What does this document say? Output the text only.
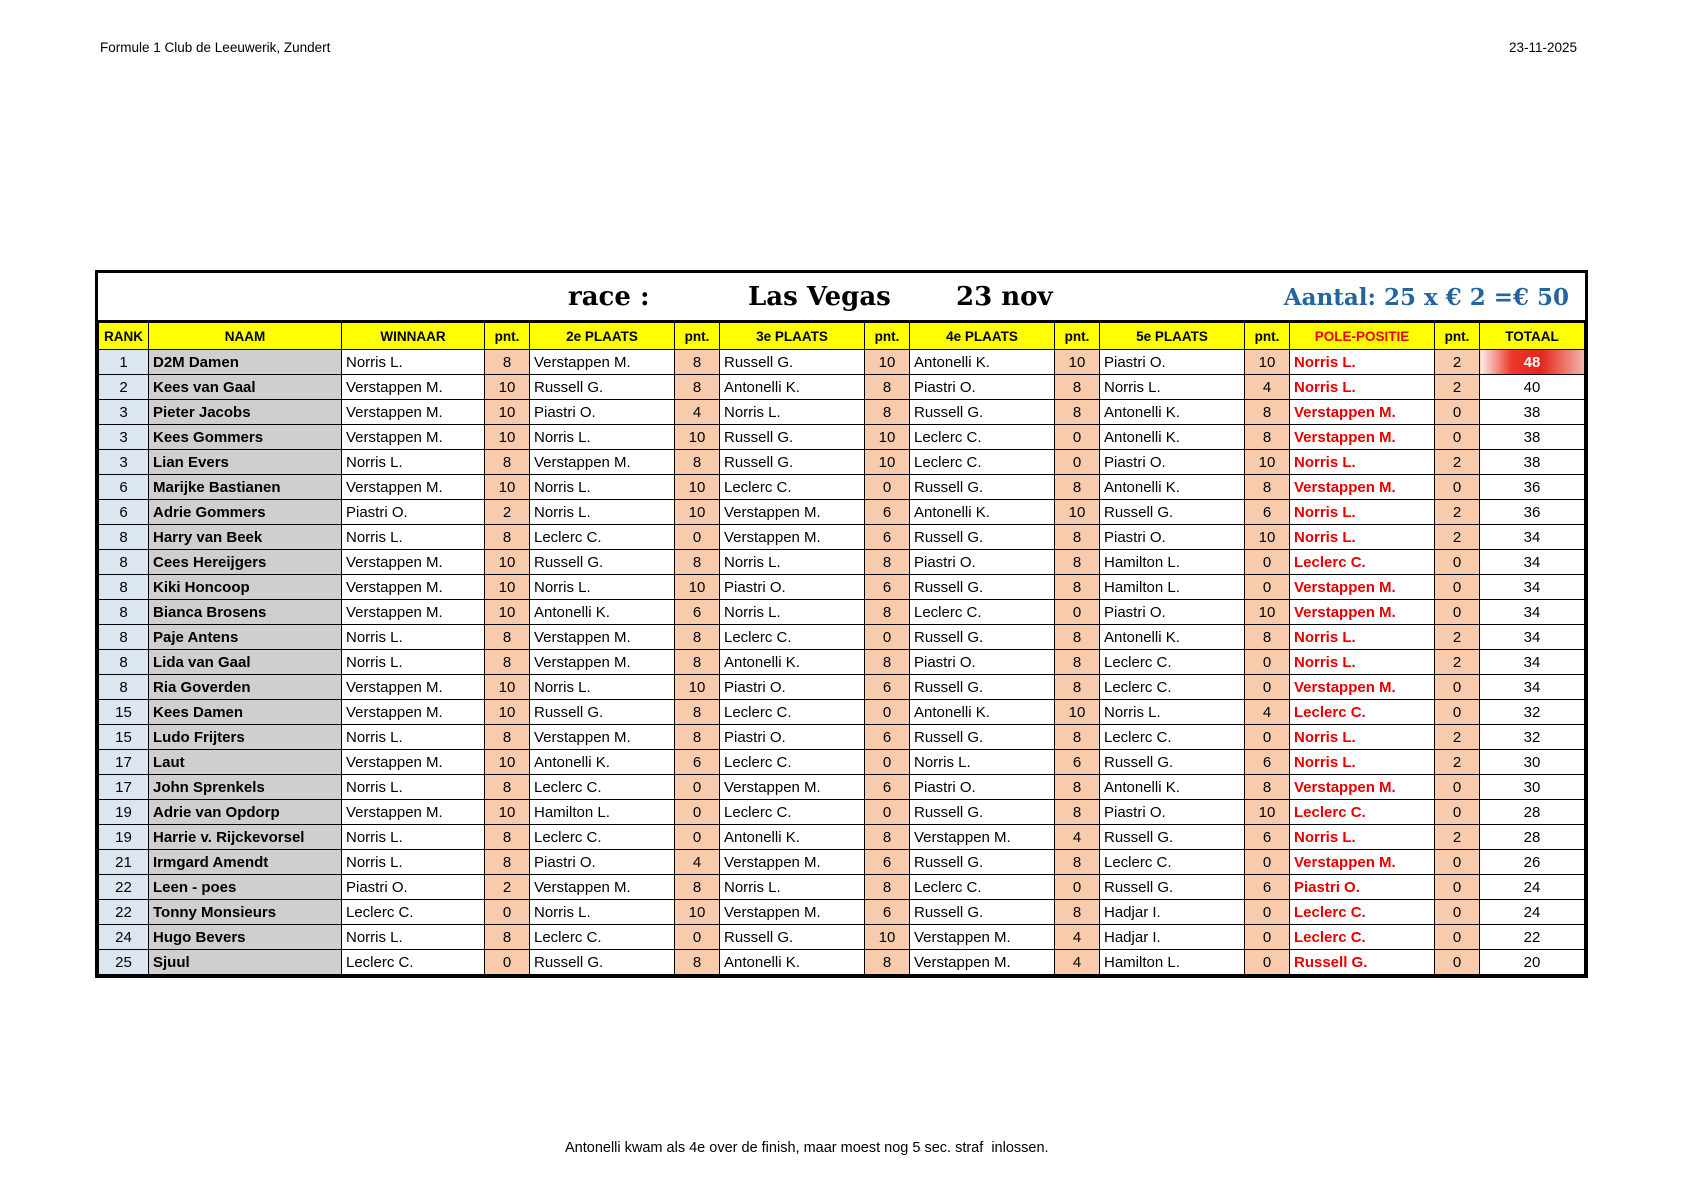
Formule 1 Club de Leeuwerik, Zundert	23-11-2025
race :	Las Vegas	23 nov	Aantal: 25 x € 2 =€ 50
RANK	NAAM	WINNAAR	pnt.	2e PLAATS	pnt.	3e PLAATS	pnt.	4e PLAATS	pnt.	5e PLAATS	pnt.	POLE-POSITIE	pnt.	TOTAAL
1	D2M Damen	Norris L.	8	Verstappen M.	8	Russell G.	10	Antonelli K.	10	Piastri O.	10	Norris L.	2	48
2	Kees van Gaal	Verstappen M.	10	Russell G.	8	Antonelli K.	8	Piastri O.	8	Norris L.	4	Norris L.	2	40
3	Pieter Jacobs	Verstappen M.	10	Piastri O.	4	Norris L.	8	Russell G.	8	Antonelli K.	8	Verstappen M.	0	38
3	Kees Gommers	Verstappen M.	10	Norris L.	10	Russell G.	10	Leclerc C.	0	Antonelli K.	8	Verstappen M.	0	38
3	Lian Evers	Norris L.	8	Verstappen M.	8	Russell G.	10	Leclerc C.	0	Piastri O.	10	Norris L.	2	38
6	Marijke Bastianen	Verstappen M.	10	Norris L.	10	Leclerc C.	0	Russell G.	8	Antonelli K.	8	Verstappen M.	0	36
6	Adrie Gommers	Piastri O.	2	Norris L.	10	Verstappen M.	6	Antonelli K.	10	Russell G.	6	Norris L.	2	36
8	Harry van Beek	Norris L.	8	Leclerc C.	0	Verstappen M.	6	Russell G.	8	Piastri O.	10	Norris L.	2	34
8	Cees Hereijgers	Verstappen M.	10	Russell G.	8	Norris L.	8	Piastri O.	8	Hamilton L.	0	Leclerc C.	0	34
8	Kiki Honcoop	Verstappen M.	10	Norris L.	10	Piastri O.	6	Russell G.	8	Hamilton L.	0	Verstappen M.	0	34
8	Bianca Brosens	Verstappen M.	10	Antonelli K.	6	Norris L.	8	Leclerc C.	0	Piastri O.	10	Verstappen M.	0	34
8	Paje Antens	Norris L.	8	Verstappen M.	8	Leclerc C.	0	Russell G.	8	Antonelli K.	8	Norris L.	2	34
8	Lida van Gaal	Norris L.	8	Verstappen M.	8	Antonelli K.	8	Piastri O.	8	Leclerc C.	0	Norris L.	2	34
8	Ria Goverden	Verstappen M.	10	Norris L.	10	Piastri O.	6	Russell G.	8	Leclerc C.	0	Verstappen M.	0	34
15	Kees Damen	Verstappen M.	10	Russell G.	8	Leclerc C.	0	Antonelli K.	10	Norris L.	4	Leclerc C.	0	32
15	Ludo Frijters	Norris L.	8	Verstappen M.	8	Piastri O.	6	Russell G.	8	Leclerc C.	0	Norris L.	2	32
17	Laut	Verstappen M.	10	Antonelli K.	6	Leclerc C.	0	Norris L.	6	Russell G.	6	Norris L.	2	30
17	John Sprenkels	Norris L.	8	Leclerc C.	0	Verstappen M.	6	Piastri O.	8	Antonelli K.	8	Verstappen M.	0	30
19	Adrie van Opdorp	Verstappen M.	10	Hamilton L.	0	Leclerc C.	0	Russell G.	8	Piastri O.	10	Leclerc C.	0	28
19	Harrie v. Rijckevorsel	Norris L.	8	Leclerc C.	0	Antonelli K.	8	Verstappen M.	4	Russell G.	6	Norris L.	2	28
21	Irmgard Amendt	Norris L.	8	Piastri O.	4	Verstappen M.	6	Russell G.	8	Leclerc C.	0	Verstappen M.	0	26
22	Leen - poes	Piastri O.	2	Verstappen M.	8	Norris L.	8	Leclerc C.	0	Russell G.	6	Piastri O.	0	24
22	Tonny Monsieurs	Leclerc C.	0	Norris L.	10	Verstappen M.	6	Russell G.	8	Hadjar I.	0	Leclerc C.	0	24
24	Hugo Bevers	Norris L.	8	Leclerc C.	0	Russell G.	10	Verstappen M.	4	Hadjar I.	0	Leclerc C.	0	22
25	Sjuul	Leclerc C.	0	Russell G.	8	Antonelli K.	8	Verstappen M.	4	Hamilton L.	0	Russell G.	0	20
Antonelli kwam als 4e over de finish, maar moest nog 5 sec. straf  inlossen.
